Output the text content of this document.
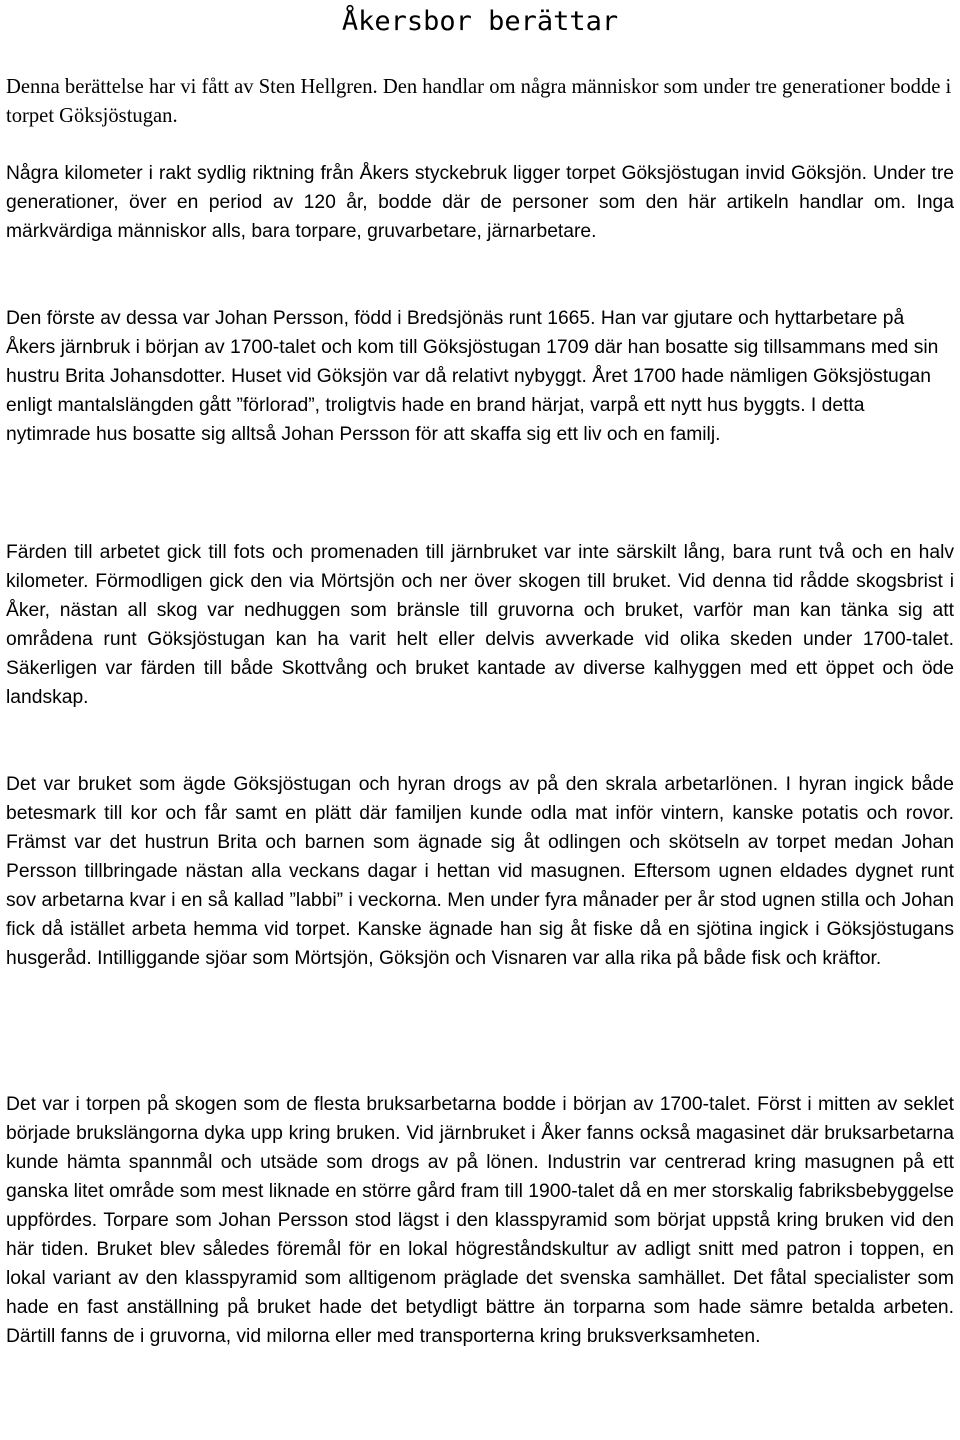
Åkersbor berättar

Denna berättelse har vi fått av Sten Hellgren. Den handlar om några människor som under tre generationer bodde i torpet Göksjöstugan.

Några kilometer i rakt sydlig riktning från Åkers styckebruk ligger torpet Göksjöstugan invid Göksjön. Under tre generationer, över en period av 120 år, bodde där de personer som den här artikeln handlar om. Inga märkvärdiga människor alls, bara torpare, gruvarbetare, järnarbetare.

Den förste av dessa var Johan Persson, född i Bredsjönäs runt 1665. Han var gjutare och hyttarbetare på Åkers järnbruk i början av 1700-talet och kom till Göksjöstugan 1709 där han bosatte sig tillsammans med sin hustru Brita Johansdotter. Huset vid Göksjön var då relativt nybyggt. Året 1700 hade nämligen Göksjöstugan enligt mantalslängden gått ”förlorad”, troligtvis hade en brand härjat, varpå ett nytt hus byggts. I detta nytimrade hus bosatte sig alltså Johan Persson för att skaffa sig ett liv och en familj.

Färden till arbetet gick till fots och promenaden till järnbruket var inte särskilt lång, bara runt två och en halv kilometer. Förmodligen gick den via Mörtsjön och ner över skogen till bruket. Vid denna tid rådde skogsbrist i Åker, nästan all skog var nedhuggen som bränsle till gruvorna och bruket, varför man kan tänka sig att områdena runt Göksjöstugan kan ha varit helt eller delvis avverkade vid olika skeden under 1700-talet. Säkerligen var färden till både Skottvång och bruket kantade av diverse kalhyggen med ett öppet och öde landskap.

Det var bruket som ägde Göksjöstugan och hyran drogs av på den skrala arbetarlönen. I hyran ingick både betesmark till kor och får samt en plätt där familjen kunde odla mat inför vintern, kanske potatis och rovor. Främst var det hustrun Brita och barnen som ägnade sig åt odlingen och skötseln av torpet medan Johan Persson tillbringade nästan alla veckans dagar i hettan vid masugnen. Eftersom ugnen eldades dygnet runt sov arbetarna kvar i en så kallad ”labbi” i veckorna. Men under fyra månader per år stod ugnen stilla och Johan fick då istället arbeta hemma vid torpet. Kanske ägnade han sig åt fiske då en sjötina ingick i Göksjöstugans husgeråd. Intilliggande sjöar som Mörtsjön, Göksjön och Visnaren var alla rika på både fisk och kräftor.

Det var i torpen på skogen som de flesta bruksarbetarna bodde i början av 1700-talet. Först i mitten av seklet började brukslängorna dyka upp kring bruken. Vid järnbruket i Åker fanns också magasinet där bruksarbetarna kunde hämta spannmål och utsäde som drogs av på lönen. Industrin var centrerad kring masugnen på ett ganska litet område som mest liknade en större gård fram till 1900-talet då en mer storskalig fabriksbebyggelse uppfördes. Torpare som Johan Persson stod lägst i den klasspyramid som börjat uppstå kring bruken vid den här tiden. Bruket blev således föremål för en lokal högreståndskultur av adligt snitt med patron i toppen, en lokal variant av den klasspyramid som alltigenom präglade det svenska samhället. Det fåtal specialister som hade en fast anställning på bruket hade det betydligt bättre än torparna som hade sämre betalda arbeten. Därtill fanns de i gruvorna, vid milorna eller med transporterna kring bruksverksamheten.
